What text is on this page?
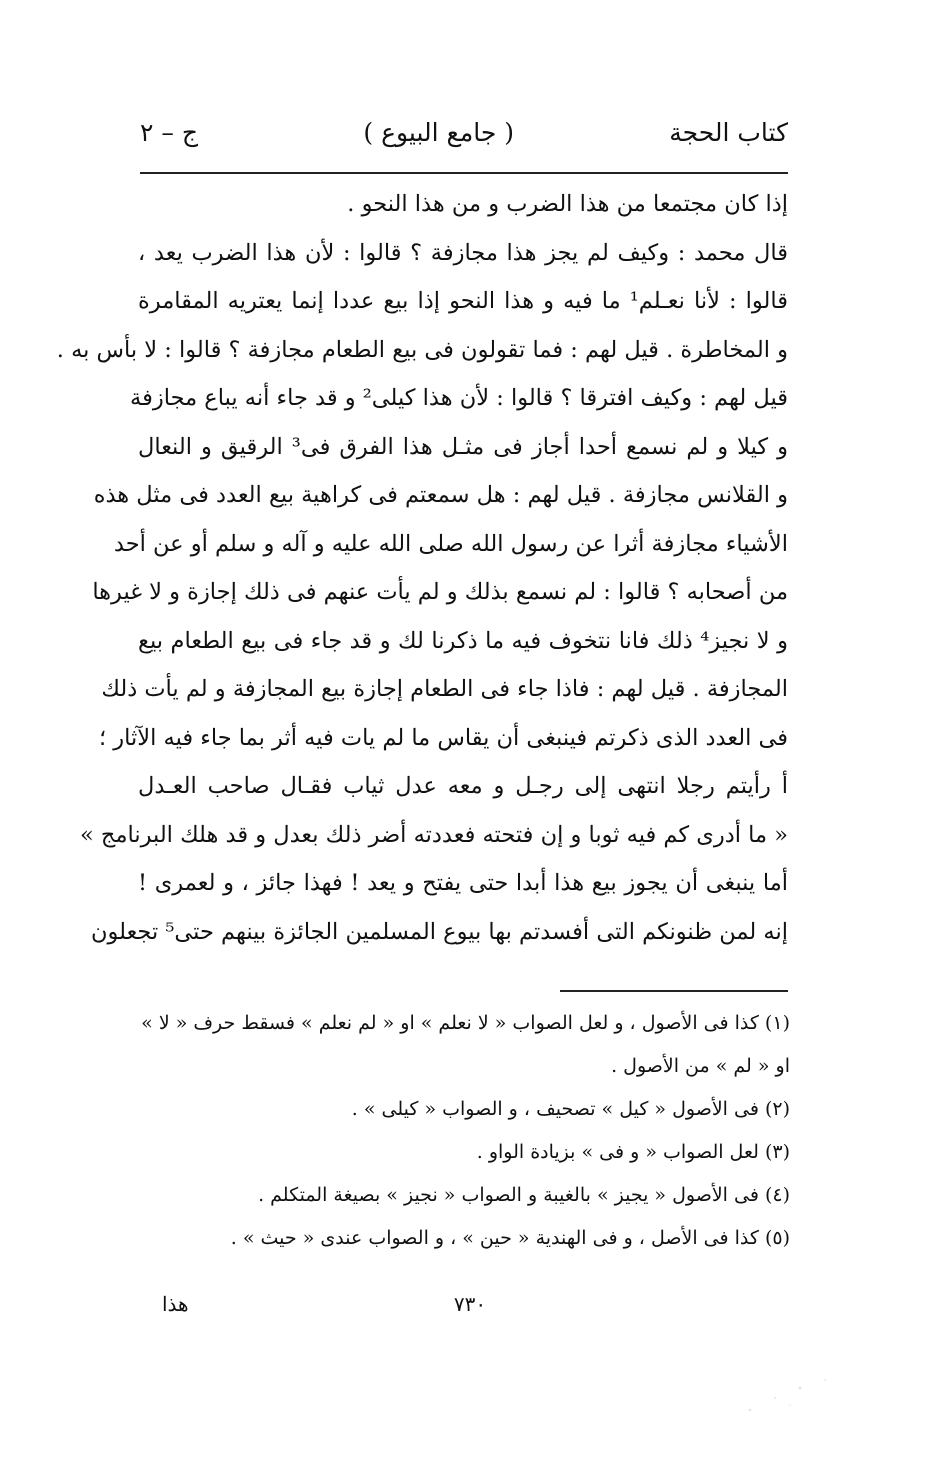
كتاب الحجة
( جامع البيوع )
ج – ٢
إذا كان مجتمعا من هذا الضرب و من هذا النحو .
قال محمد : وكيف لم يجز هذا مجازفة ؟ قالوا : لأن هذا الضرب يعد ،
قالوا : لأنا نعـلم¹ ما فيه و هذا النحو إذا بيع عددا إنما يعتريه المقامرة
و المخاطرة . قيل لهم : فما تقولون فى بيع الطعام مجازفة ؟ قالوا : لا بأس به .
قيل لهم : وكيف افترقا ؟ قالوا : لأن هذا كيلى² و قد جاء أنه يباع مجازفة
و كيلا و لم نسمع أحدا أجاز فى مثـل هذا الفرق فى³ الرقيق و النعال
و القلانس مجازفة . قيل لهم : هل سمعتم فى كراهية بيع العدد فى مثل هذه
الأشياء مجازفة أثرا عن رسول الله صلى الله عليه و آله و سلم أو عن أحد
من أصحابه ؟ قالوا : لم نسمع بذلك و لم يأت عنهم فى ذلك إجازة و لا غيرها
و لا نجيز⁴ ذلك فانا نتخوف فيه ما ذكرنا لك و قد جاء فى بيع الطعام بيع
المجازفة . قيل لهم : فاذا جاء فى الطعام إجازة بيع المجازفة و لم يأت ذلك
فى العدد الذى ذكرتم فينبغى أن يقاس ما لم يات فيه أثر بما جاء فيه الآثار ؛
أ رأيتم رجلا انتهى إلى رجـل و معه عدل ثياب فقـال صاحب العـدل
« ما أدرى كم فيه ثوبا و إن فتحته فعددته أضر ذلك بعدل و قد هلك البرنامج »
أما ينبغى أن يجوز بيع هذا أبدا حتى يفتح و يعد ! فهذا جائز ، و لعمرى !
إنه لمن ظنونكم التى أفسدتم بها بيوع المسلمين الجائزة بينهم حتى⁵ تجعلون
(١) كذا فى الأصول ، و لعل الصواب « لا نعلم » او « لم نعلم » فسقط حرف « لا »
او « لم » من الأصول .
(٢) فى الأصول « كيل » تصحيف ، و الصواب « كيلى » .
(٣) لعل الصواب « و فى » بزيادة الواو .
(٤) فى الأصول « يجيز » بالغيبة و الصواب « نجيز » بصيغة المتكلم .
(٥) كذا فى الأصل ، و فى الهندية « حين » ، و الصواب عندى « حيث » .
٧٣٠
هذا
